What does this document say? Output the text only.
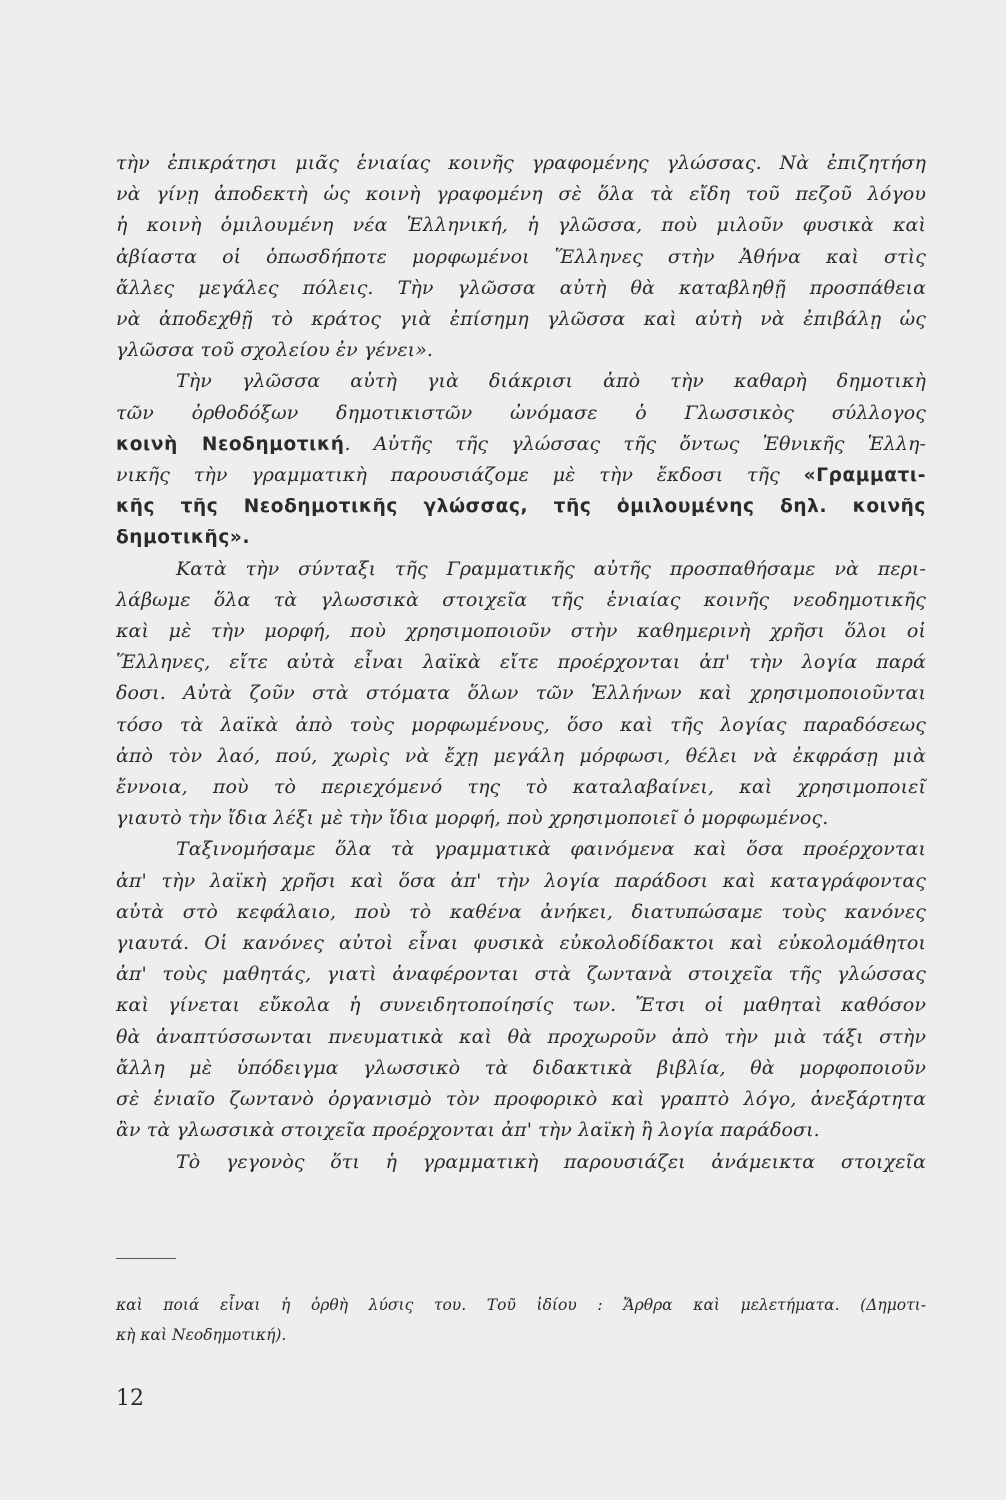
τὴν ἐπικράτησι μιᾶς ἑνιαίας κοινῆς γραφομένης γλώσσας. Νὰ ἐπιζητήση
νὰ γίνῃ ἀποδεκτὴ ὡς κοινὴ γραφομένη σὲ ὅλα τὰ εἴδη τοῦ πεζοῦ λόγου
ἡ κοινὴ ὁμιλουμένη νέα Ἑλληνική, ἡ γλῶσσα, ποὺ μιλοῦν φυσικὰ καὶ
ἀβίαστα οἱ ὁπωσδήποτε μορφωμένοι Ἕλληνες στὴν Ἀθήνα καὶ στὶς
ἄλλες μεγάλες πόλεις. Τὴν γλῶσσα αὐτὴ θὰ καταβληθῇ προσπάθεια
νὰ ἀποδεχθῇ τὸ κράτος γιὰ ἐπίσημη γλῶσσα καὶ αὐτὴ νὰ ἐπιβάλῃ ὡς
γλῶσσα τοῦ σχολείου ἐν γένει».

Τὴν γλῶσσα αὐτὴ γιὰ διάκρισι ἀπὸ τὴν καθαρὴ δημοτικὴ
τῶν ὀρθοδόξων δημοτικιστῶν ὠνόμασε ὁ Γλωσσικὸς σύλλογος
κοινὴ Νεοδημοτική. Αὐτῆς τῆς γλώσσας τῆς ὄντως Ἐθνικῆς Ἑλλη-
νικῆς τὴν γραμματικὴ παρουσιάζομε μὲ τὴν ἔκδοσι τῆς «Γραμματι-
κῆς τῆς Νεοδημοτικῆς γλώσσας, τῆς ὁμιλουμένης δηλ. κοινῆς
δημοτικῆς».

Κατὰ τὴν σύνταξι τῆς Γραμματικῆς αὐτῆς προσπαθήσαμε νὰ περι-
λάβωμε ὅλα τὰ γλωσσικὰ στοιχεῖα τῆς ἑνιαίας κοινῆς νεοδημοτικῆς
καὶ μὲ τὴν μορφή, ποὺ χρησιμοποιοῦν στὴν καθημερινὴ χρῆσι ὅλοι οἱ
Ἕλληνες, εἴτε αὐτὰ εἶναι λαϊκὰ εἴτε προέρχονται ἀπ' τὴν λογία παρά
δοσι. Αὐτὰ ζοῦν στὰ στόματα ὅλων τῶν Ἑλλήνων καὶ χρησιμοποιοῦνται
τόσο τὰ λαϊκὰ ἀπὸ τοὺς μορφωμένους, ὅσο καὶ τῆς λογίας παραδόσεως
ἀπὸ τὸν λαό, πού, χωρὶς νὰ ἔχῃ μεγάλη μόρφωσι, θέλει νὰ ἐκφράσῃ μιὰ
ἔννοια, ποὺ τὸ περιεχόμενό της τὸ καταλαβαίνει, καὶ χρησιμοποιεῖ
γιαυτὸ τὴν ἴδια λέξι μὲ τὴν ἴδια μορφή, ποὺ χρησιμοποιεῖ ὁ μορφωμένος.

Ταξινομήσαμε ὅλα τὰ γραμματικὰ φαινόμενα καὶ ὅσα προέρχονται
ἀπ' τὴν λαϊκὴ χρῆσι καὶ ὅσα ἀπ' τὴν λογία παράδοσι καὶ καταγράφοντας
αὐτὰ στὸ κεφάλαιο, ποὺ τὸ καθένα ἀνήκει, διατυπώσαμε τοὺς κανόνες
γιαυτά. Οἱ κανόνες αὐτοὶ εἶναι φυσικὰ εὐκολοδίδακτοι καὶ εὐκολομάθητοι
ἀπ' τοὺς μαθητάς, γιατὶ ἀναφέρονται στὰ ζωντανὰ στοιχεῖα τῆς γλώσσας
καὶ γίνεται εὔκολα ἡ συνειδητοποίησίς των. Ἔτσι οἱ μαθηταὶ καθόσον
θὰ ἀναπτύσσωνται πνευματικὰ καὶ θὰ προχωροῦν ἀπὸ τὴν μιὰ τάξι στὴν
ἄλλη μὲ ὑπόδειγμα γλωσσικὸ τὰ διδακτικὰ βιβλία, θὰ μορφοποιοῦν
σὲ ἑνιαῖο ζωντανὸ ὀργανισμὸ τὸν προφορικὸ καὶ γραπτὸ λόγο, ἀνεξάρτητα
ἂν τὰ γλωσσικὰ στοιχεῖα προέρχονται ἀπ' τὴν λαϊκὴ ἢ λογία παράδοσι.

Τὸ γεγονὸς ὅτι ἡ γραμματικὴ παρουσιάζει ἀνάμεικτα στοιχεῖα

καὶ ποιά εἶναι ἡ ὀρθὴ λύσις του. Τοῦ ἰδίου : Ἄρθρα καὶ μελετήματα. (Δημοτι-
κὴ καὶ Νεοδημοτική).
12
